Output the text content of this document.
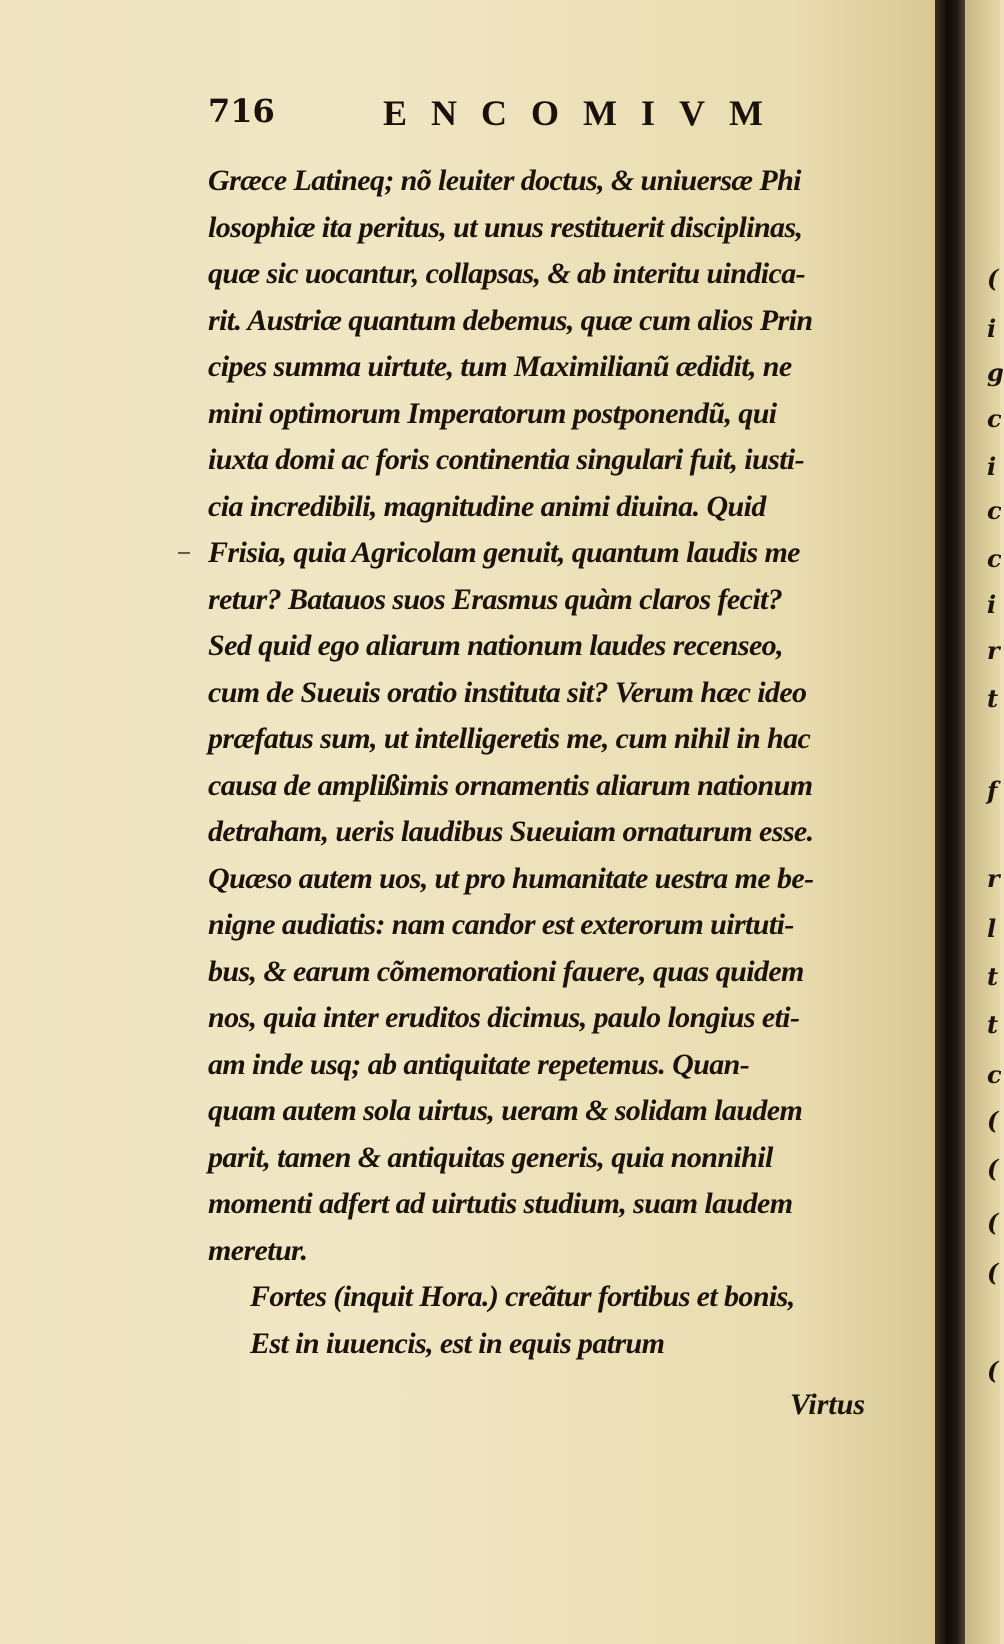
716	ENCOMIVM
Græce Latineq; nõ leuiter doctus, & uniuersæ Phi
losophiæ ita peritus, ut unus restituerit disciplinas,
quæ sic uocantur, collapsas, & ab interitu uindica-
rit. Austriæ quantum debemus, quæ cum alios Prin
cipes summa uirtute, tum Maximilianũ ædidit, ne
mini optimorum Imperatorum postponendũ, qui
iuxta domi ac foris continentia singulari fuit, iusti-
cia incredibili, magnitudine animi diuina. Quid
Frisia, quia Agricolam genuit, quantum laudis me
retur? Batauos suos Erasmus quàm claros fecit?
Sed quid ego aliarum nationum laudes recenseo,
cum de Sueuis oratio instituta sit? Verum hæc ideo
præfatus sum, ut intelligeretis me, cum nihil in hac
causa de amplißimis ornamentis aliarum nationum
detraham, ueris laudibus Sueuiam ornaturum esse.
Quæso autem uos, ut pro humanitate uestra me be-
nigne audiatis: nam candor est exterorum uirtuti-
bus, & earum cõmemorationi fauere, quas quidem
nos, quia inter eruditos dicimus, paulo longius eti-
am inde usq; ab antiquitate repetemus. Quan-
quam autem sola uirtus, ueram & solidam laudem
parit, tamen & antiquitas generis, quia nonnihil
momenti adfert ad uirtutis studium, suam laudem
meretur.
Fortes (inquit Hora.) creãtur fortibus et bonis,
Est in iuuencis, est in equis patrum
Virtus
(
i
g
c
i
c
c
i
r
t
f
r
l
t
t
c
(
(
(
(
(
